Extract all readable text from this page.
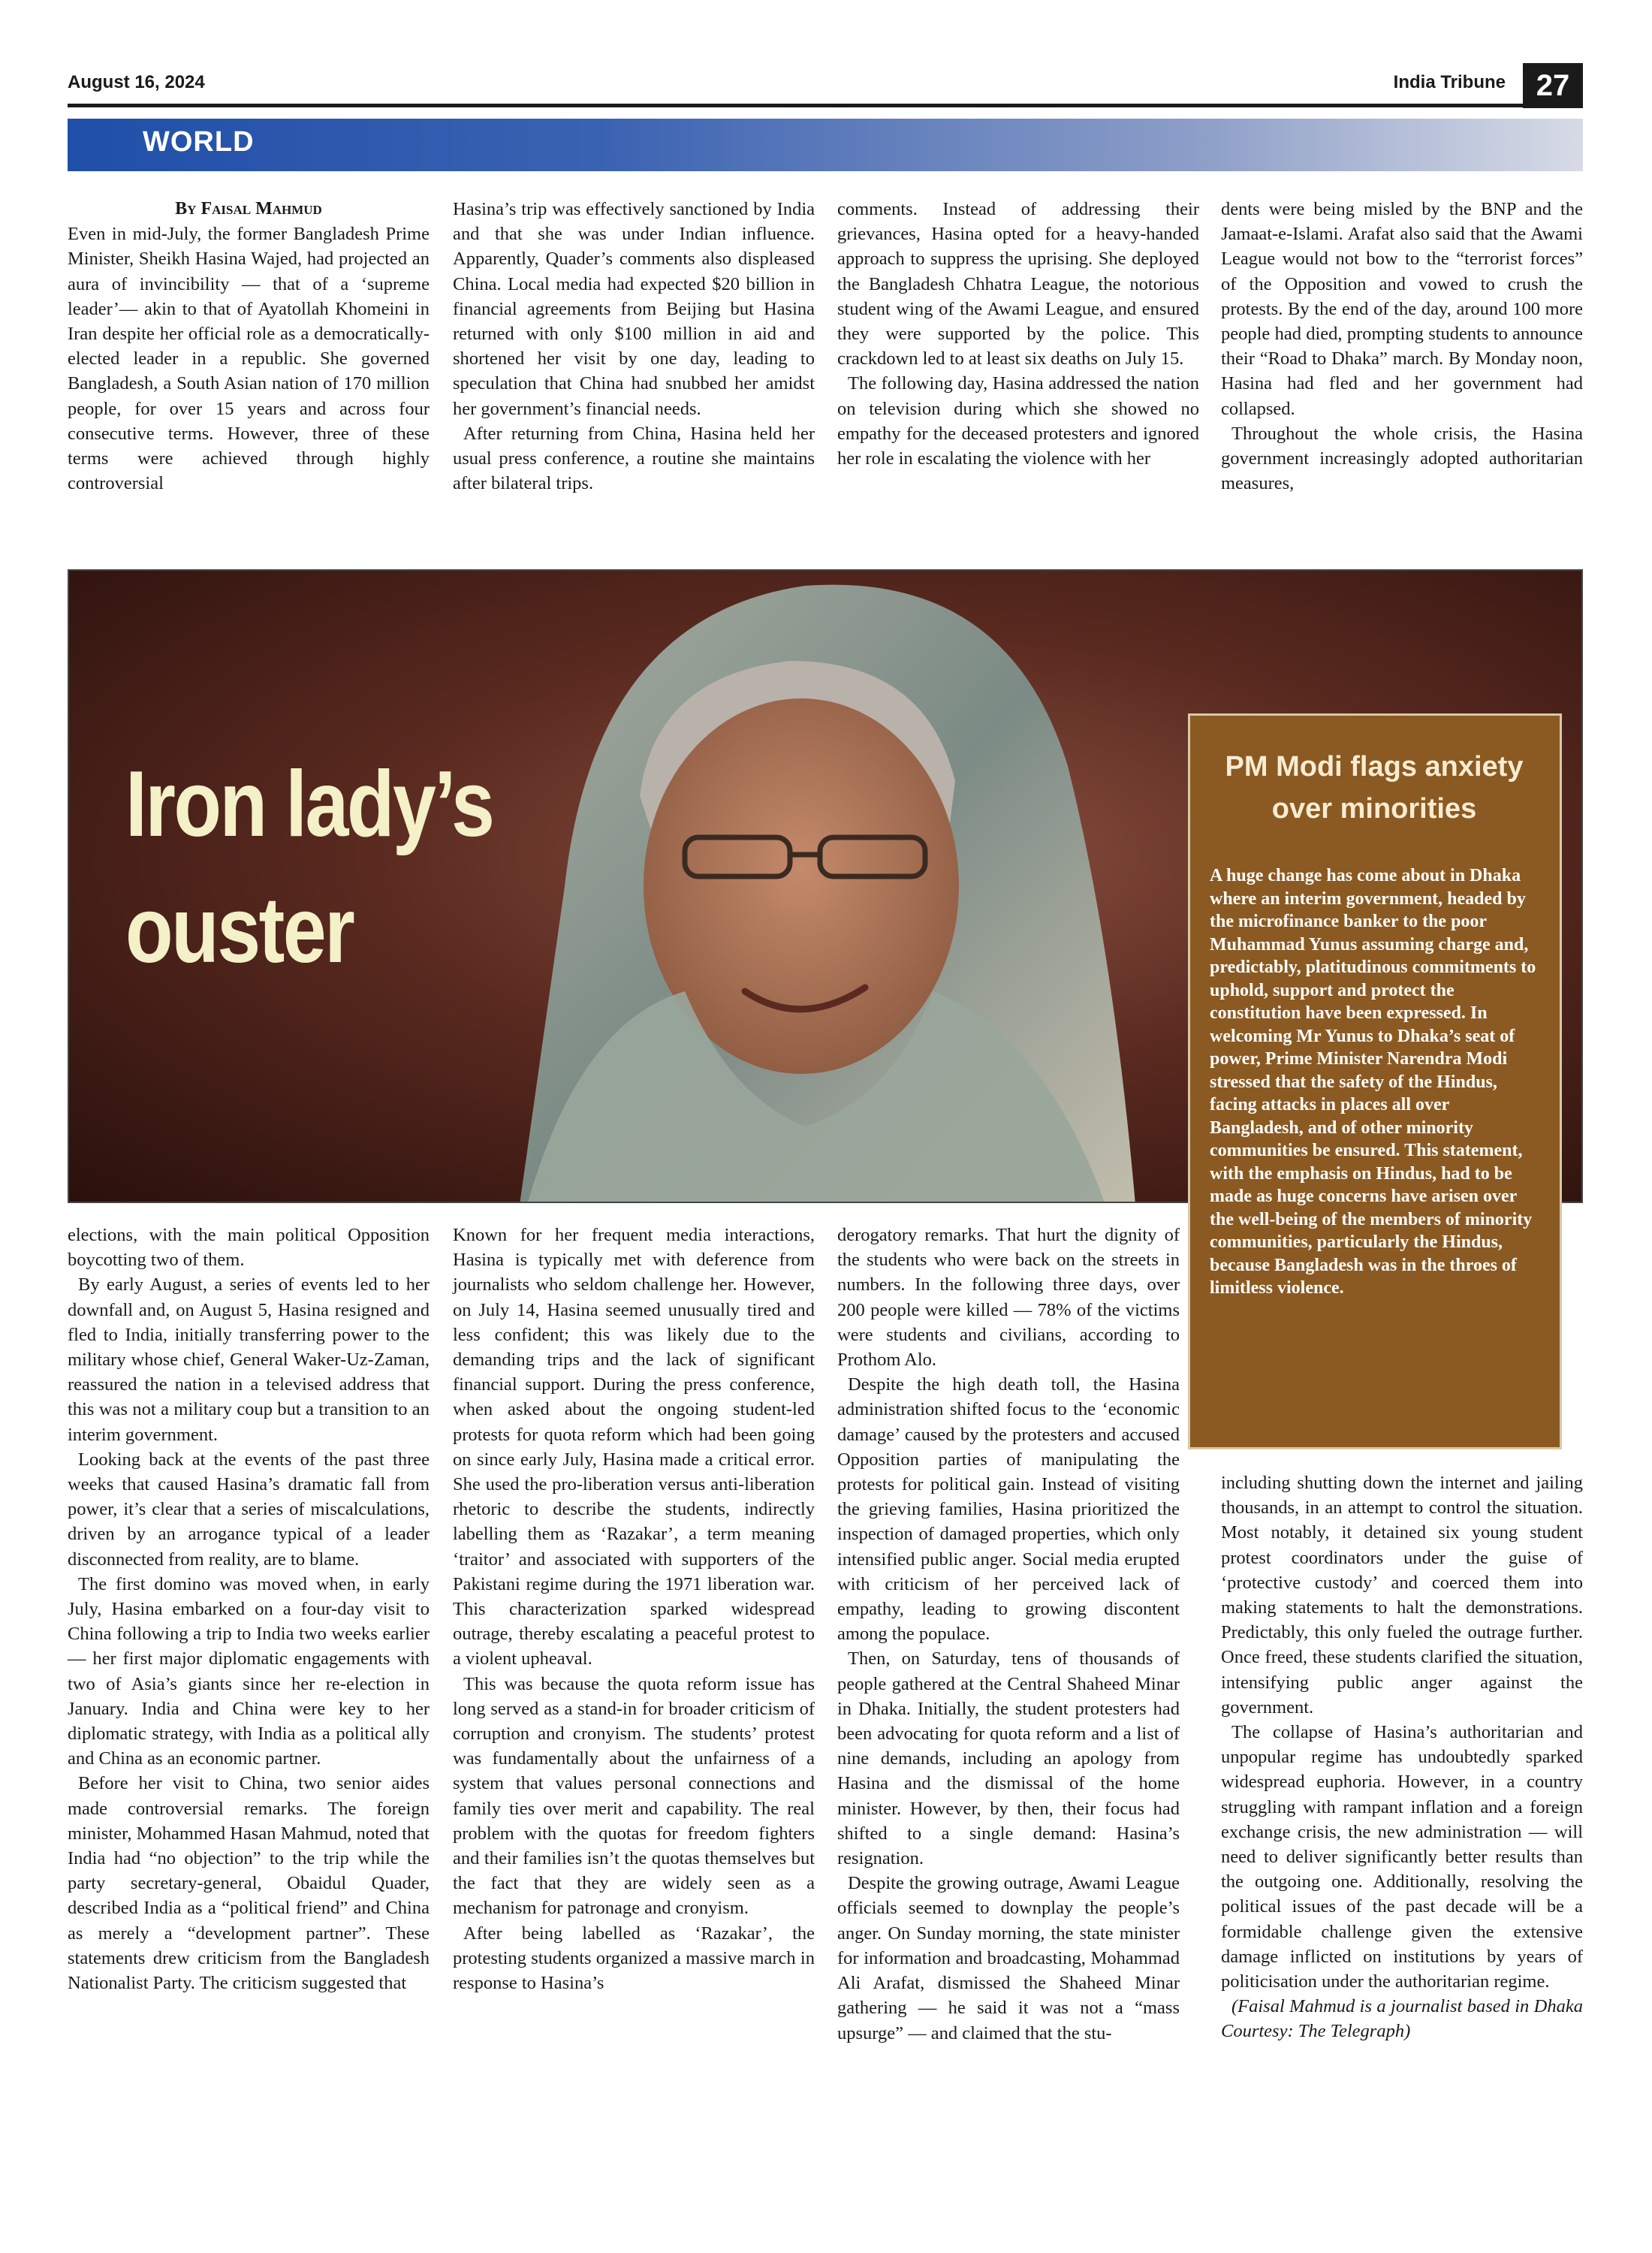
August 16, 2024	India Tribune	27
WORLD

By Faisal Mahmud

Even in mid-July, the former Bangladesh Prime Minister, Sheikh Hasina Wajed, had projected an aura of invincibility — that of a ‘supreme leader’— akin to that of Ayatollah Khomeini in Iran despite her official role as a democratically-elected leader in a republic. She governed Bangladesh, a South Asian nation of 170 million people, for over 15 years and across four consecutive terms. However, three of these terms were achieved through highly controversial

Hasina’s trip was effectively sanctioned by India and that she was under Indian influence. Apparently, Quader’s comments also displeased China. Local media had expected $20 billion in financial agreements from Beijing but Hasina returned with only $100 million in aid and shortened her visit by one day, leading to speculation that China had snubbed her amidst her government’s financial needs.

After returning from China, Hasina held her usual press conference, a routine she maintains after bilateral trips.

comments. Instead of addressing their grievances, Hasina opted for a heavy-handed approach to suppress the uprising. She deployed the Bangladesh Chhatra League, the notorious student wing of the Awami League, and ensured they were supported by the police. This crackdown led to at least six deaths on July 15.

The following day, Hasina addressed the nation on television during which she showed no empathy for the deceased protesters and ignored her role in escalating the violence with her

dents were being misled by the BNP and the Jamaat-e-Islami. Arafat also said that the Awami League would not bow to the “terrorist forces” of the Opposition and vowed to crush the protests. By the end of the day, around 100 more people had died, prompting students to announce their “Road to Dhaka” march. By Monday noon, Hasina had fled and her government had collapsed.

Throughout the whole crisis, the Hasina government increasingly adopted authoritarian measures,

Iron lady’s
ouster
PM Modi flags anxiety
over minorities

A huge change has come about in Dhaka where an interim government, headed by the microfinance banker to the poor Muhammad Yunus assuming charge and, predictably, platitudinous commitments to uphold, support and protect the constitution have been expressed. In welcoming Mr Yunus to Dhaka’s seat of power, Prime Minister Narendra Modi stressed that the safety of the Hindus, facing attacks in places all over Bangladesh, and of other minority communities be ensured. This statement, with the emphasis on Hindus, had to be made as huge concerns have arisen over the well-being of the members of minority communities, particularly the Hindus, because Bangladesh was in the throes of limitless violence.

elections, with the main political Opposition boycotting two of them.

By early August, a series of events led to her downfall and, on August 5, Hasina resigned and fled to India, initially transferring power to the military whose chief, General Waker-Uz-Zaman, reassured the nation in a televised address that this was not a military coup but a transition to an interim government.

Looking back at the events of the past three weeks that caused Hasina’s dramatic fall from power, it’s clear that a series of miscalculations, driven by an arrogance typical of a leader disconnected from reality, are to blame.

The first domino was moved when, in early July, Hasina embarked on a four-day visit to China following a trip to India two weeks earlier — her first major diplomatic engagements with two of Asia’s giants since her re-election in January. India and China were key to her diplomatic strategy, with India as a political ally and China as an economic partner.

Before her visit to China, two senior aides made controversial remarks. The foreign minister, Mohammed Hasan Mahmud, noted that India had “no objection” to the trip while the party secretary-general, Obaidul Quader, described India as a “political friend” and China as merely a “development partner”. These statements drew criticism from the Bangladesh Nationalist Party. The criticism suggested that

Known for her frequent media interactions, Hasina is typically met with deference from journalists who seldom challenge her. However, on July 14, Hasina seemed unusually tired and less confident; this was likely due to the demanding trips and the lack of significant financial support. During the press conference, when asked about the ongoing student-led protests for quota reform which had been going on since early July, Hasina made a critical error. She used the pro-liberation versus anti-liberation rhetoric to describe the students, indirectly labelling them as ‘Razakar’, a term meaning ‘traitor’ and associated with supporters of the Pakistani regime during the 1971 liberation war. This characterization sparked widespread outrage, thereby escalating a peaceful protest to a violent upheaval.

This was because the quota reform issue has long served as a stand-in for broader criticism of corruption and cronyism. The students’ protest was fundamentally about the unfairness of a system that values personal connections and family ties over merit and capability. The real problem with the quotas for freedom fighters and their families isn’t the quotas themselves but the fact that they are widely seen as a mechanism for patronage and cronyism.

After being labelled as ‘Razakar’, the protesting students organized a massive march in response to Hasina’s

derogatory remarks. That hurt the dignity of the students who were back on the streets in numbers. In the following three days, over 200 people were killed — 78% of the victims were students and civilians, according to Prothom Alo.

Despite the high death toll, the Hasina administration shifted focus to the ‘economic damage’ caused by the protesters and accused Opposition parties of manipulating the protests for political gain. Instead of visiting the grieving families, Hasina prioritized the inspection of damaged properties, which only intensified public anger. Social media erupted with criticism of her perceived lack of empathy, leading to growing discontent among the populace.

Then, on Saturday, tens of thousands of people gathered at the Central Shaheed Minar in Dhaka. Initially, the student protesters had been advocating for quota reform and a list of nine demands, including an apology from Hasina and the dismissal of the home minister. However, by then, their focus had shifted to a single demand: Hasina’s resignation.

Despite the growing outrage, Awami League officials seemed to downplay the people’s anger. On Sunday morning, the state minister for information and broadcasting, Mohammad Ali Arafat, dismissed the Shaheed Minar gathering — he said it was not a “mass upsurge” — and claimed that the stu-

including shutting down the internet and jailing thousands, in an attempt to control the situation. Most notably, it detained six young student protest coordinators under the guise of ‘protective custody’ and coerced them into making statements to halt the demonstrations. Predictably, this only fueled the outrage further. Once freed, these students clarified the situation, intensifying public anger against the government.

The collapse of Hasina’s authoritarian and unpopular regime has undoubtedly sparked widespread euphoria. However, in a country struggling with rampant inflation and a foreign exchange crisis, the new administration — will need to deliver significantly better results than the outgoing one. Additionally, resolving the political issues of the past decade will be a formidable challenge given the extensive damage inflicted on institutions by years of politicisation under the authoritarian regime.

(Faisal Mahmud is a journalist based in Dhaka Courtesy: The Telegraph)
